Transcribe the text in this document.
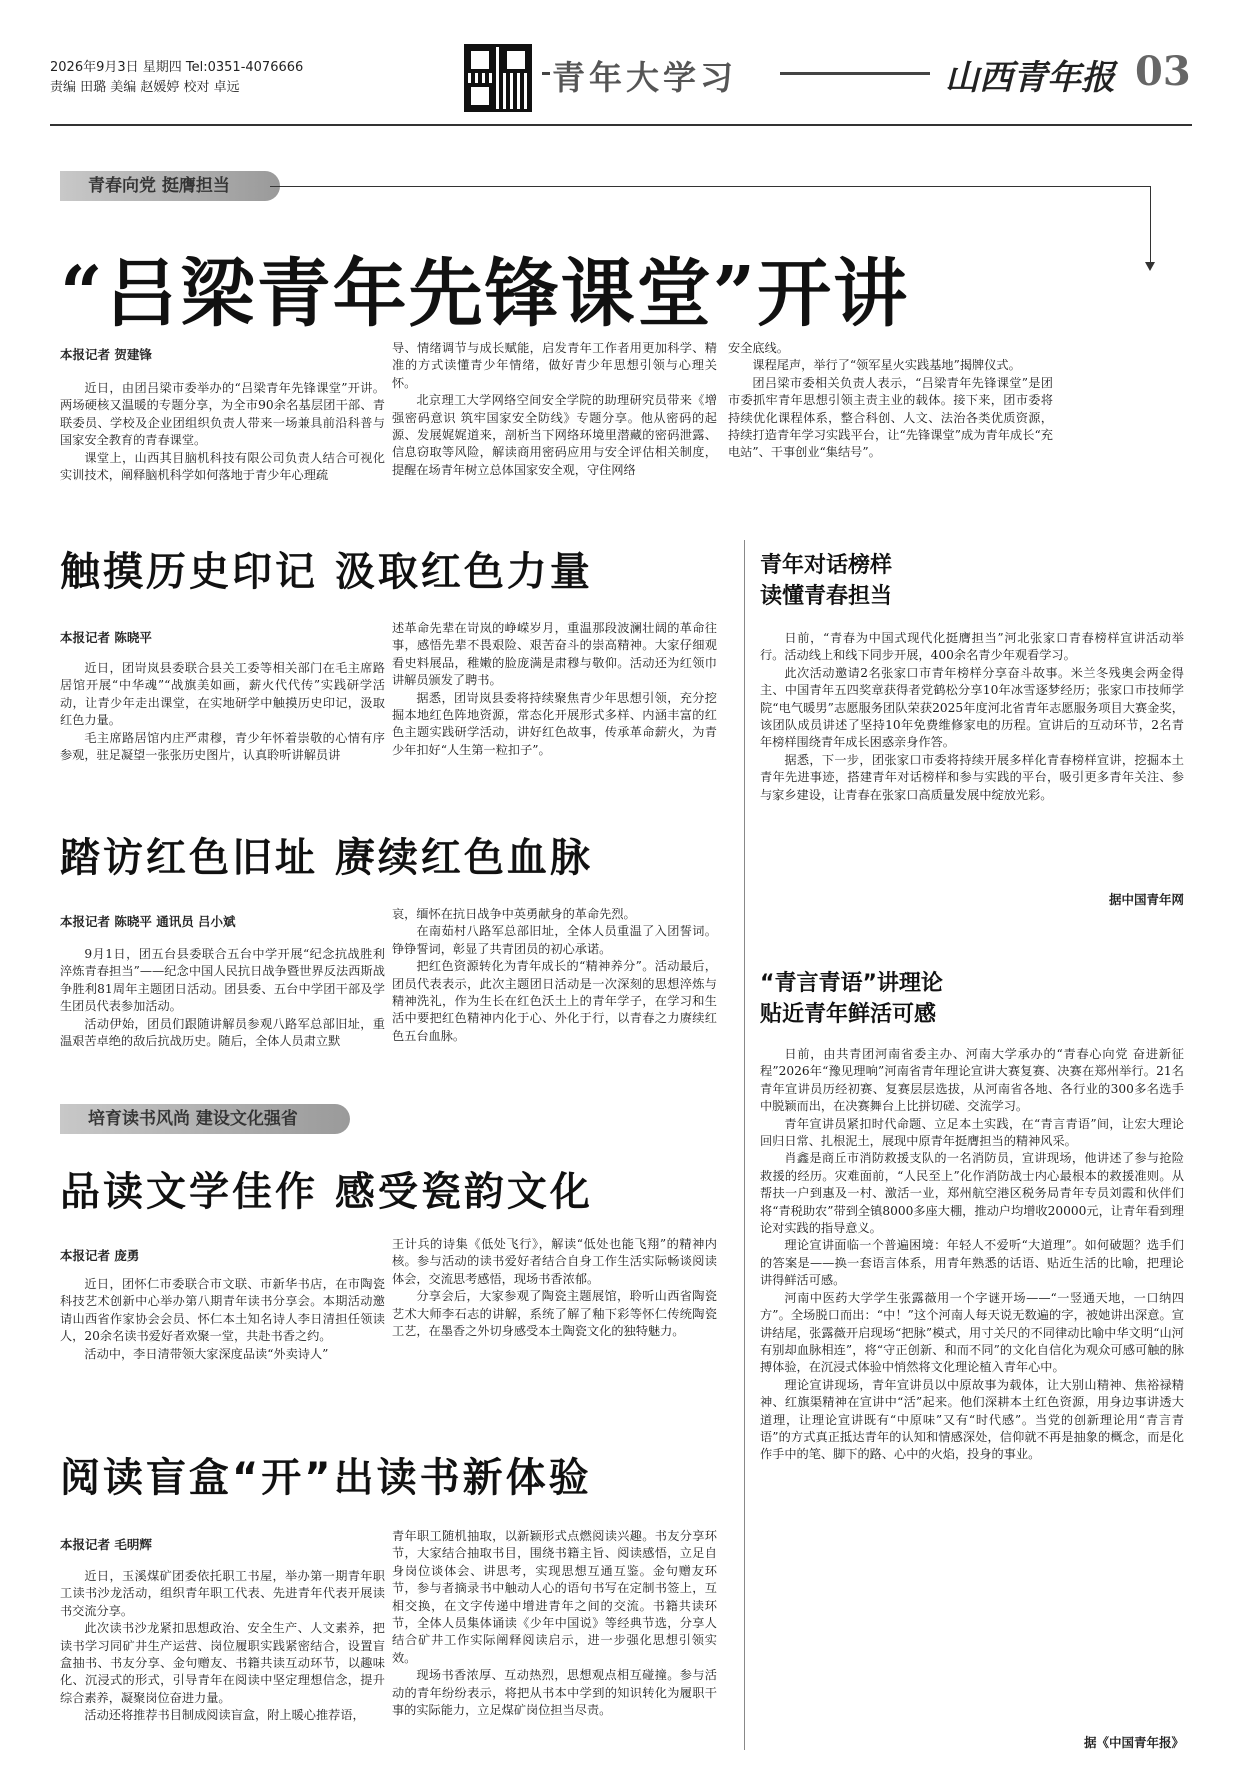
2026年9月3日 星期四 Tel:0351-4076666
责编 田璐 美编 赵媛婷 校对 卓远	青年大学习	山西青年报 03
青春向党 挺膺担当
“吕梁青年先锋课堂”开讲
本报记者 贺建锋

近日，由团吕梁市委举办的“吕梁青年先锋课堂”开讲。两场硬核又温暖的专题分享，为全市90余名基层团干部、青联委员、学校及企业团组织负责人带来一场兼具前沿科普与国家安全教育的青春课堂。

课堂上，山西其目脑机科技有限公司负责人结合可视化实训技术，阐释脑机科学如何落地于青少年心理疏

导、情绪调节与成长赋能，启发青年工作者用更加科学、精准的方式读懂青少年情绪，做好青少年思想引领与心理关怀。

北京理工大学网络空间安全学院的助理研究员带来《增强密码意识 筑牢国家安全防线》专题分享。他从密码的起源、发展娓娓道来，剖析当下网络环境里潜藏的密码泄露、信息窃取等风险，解读商用密码应用与安全评估相关制度，提醒在场青年树立总体国家安全观，守住网络

安全底线。

课程尾声，举行了“领军星火实践基地”揭牌仪式。

团吕梁市委相关负责人表示，“吕梁青年先锋课堂”是团市委抓牢青年思想引领主责主业的载体。接下来，团市委将持续优化课程体系，整合科创、人文、法治各类优质资源，持续打造青年学习实践平台，让“先锋课堂”成为青年成长“充电站”、干事创业“集结号”。

触摸历史印记 汲取红色力量
本报记者 陈晓平

近日，团岢岚县委联合县关工委等相关部门在毛主席路居馆开展“中华魂”“战旗美如画，薪火代代传”实践研学活动，让青少年走出课堂，在实地研学中触摸历史印记，汲取红色力量。

毛主席路居馆内庄严肃穆，青少年怀着崇敬的心情有序参观，驻足凝望一张张历史图片，认真聆听讲解员讲

述革命先辈在岢岚的峥嵘岁月，重温那段波澜壮阔的革命往事，感悟先辈不畏艰险、艰苦奋斗的崇高精神。大家仔细观看史料展品，稚嫩的脸庞满是肃穆与敬仰。活动还为红领巾讲解员颁发了聘书。

据悉，团岢岚县委将持续聚焦青少年思想引领，充分挖掘本地红色阵地资源，常态化开展形式多样、内涵丰富的红色主题实践研学活动，讲好红色故事，传承革命薪火，为青少年扣好“人生第一粒扣子”。

踏访红色旧址 赓续红色血脉
本报记者 陈晓平 通讯员 吕小斌

9月1日，团五台县委联合五台中学开展“纪念抗战胜利 淬炼青春担当”——纪念中国人民抗日战争暨世界反法西斯战争胜利81周年主题团日活动。团县委、五台中学团干部及学生团员代表参加活动。

活动伊始，团员们跟随讲解员参观八路军总部旧址，重温艰苦卓绝的敌后抗战历史。随后，全体人员肃立默

哀，缅怀在抗日战争中英勇献身的革命先烈。

在南茹村八路军总部旧址，全体人员重温了入团誓词。铮铮誓词，彰显了共青团员的初心承诺。

把红色资源转化为青年成长的“精神养分”。活动最后，团员代表表示，此次主题团日活动是一次深刻的思想淬炼与精神洗礼，作为生长在红色沃土上的青年学子，在学习和生活中要把红色精神内化于心、外化于行，以青春之力赓续红色五台血脉。

培育读书风尚 建设文化强省
品读文学佳作 感受瓷韵文化
本报记者 庞勇

近日，团怀仁市委联合市文联、市新华书店，在市陶瓷科技艺术创新中心举办第八期青年读书分享会。本期活动邀请山西省作家协会会员、怀仁本土知名诗人李日清担任领读人，20余名读书爱好者欢聚一堂，共赴书香之约。

活动中，李日清带领大家深度品读“外卖诗人”

王计兵的诗集《低处飞行》，解读“低处也能飞翔”的精神内核。参与活动的读书爱好者结合自身工作生活实际畅谈阅读体会，交流思考感悟，现场书香浓郁。

分享会后，大家参观了陶瓷主题展馆，聆听山西省陶瓷艺术大师李石志的讲解，系统了解了釉下彩等怀仁传统陶瓷工艺，在墨香之外切身感受本土陶瓷文化的独特魅力。

阅读盲盒“开”出读书新体验
本报记者 毛明辉

近日，玉溪煤矿团委依托职工书屋，举办第一期青年职工读书沙龙活动，组织青年职工代表、先进青年代表开展读书交流分享。

此次读书沙龙紧扣思想政治、安全生产、人文素养，把读书学习同矿井生产运营、岗位履职实践紧密结合，设置盲盒抽书、书友分享、金句赠友、书籍共读互动环节，以趣味化、沉浸式的形式，引导青年在阅读中坚定理想信念，提升综合素养，凝聚岗位奋进力量。

活动还将推荐书目制成阅读盲盒，附上暖心推荐语，

青年职工随机抽取，以新颖形式点燃阅读兴趣。书友分享环节，大家结合抽取书目，围绕书籍主旨、阅读感悟，立足自身岗位谈体会、讲思考，实现思想互通互鉴。金句赠友环节，参与者摘录书中触动人心的语句书写在定制书签上，互相交换，在文字传递中增进青年之间的交流。书籍共读环节，全体人员集体诵读《少年中国说》等经典节选，分享人结合矿井工作实际阐释阅读启示，进一步强化思想引领实效。

现场书香浓厚、互动热烈，思想观点相互碰撞。参与活动的青年纷纷表示，将把从书本中学到的知识转化为履职干事的实际能力，立足煤矿岗位担当尽责。

青年对话榜样
读懂青春担当

日前，“青春为中国式现代化挺膺担当”河北张家口青春榜样宣讲活动举行。活动线上和线下同步开展，400余名青少年观看学习。

此次活动邀请2名张家口市青年榜样分享奋斗故事。米兰冬残奥会两金得主、中国青年五四奖章获得者党鹤松分享10年冰雪逐梦经历；张家口市技师学院“电气暖男”志愿服务团队荣获2025年度河北省青年志愿服务项目大赛金奖，该团队成员讲述了坚持10年免费维修家电的历程。宣讲后的互动环节，2名青年榜样围绕青年成长困惑亲身作答。

据悉，下一步，团张家口市委将持续开展多样化青春榜样宣讲，挖掘本土青年先进事迹，搭建青年对话榜样和参与实践的平台，吸引更多青年关注、参与家乡建设，让青春在张家口高质量发展中绽放光彩。

据中国青年网
“青言青语”讲理论
贴近青年鲜活可感

日前，由共青团河南省委主办、河南大学承办的“青春心向党 奋进新征程”2026年“豫见理响”河南省青年理论宣讲大赛复赛、决赛在郑州举行。21名青年宣讲员历经初赛、复赛层层选拔，从河南省各地、各行业的300多名选手中脱颖而出，在决赛舞台上比拼切磋、交流学习。

青年宣讲员紧扣时代命题、立足本土实践，在“青言青语”间，让宏大理论回归日常、扎根泥土，展现中原青年挺膺担当的精神风采。

肖鑫是商丘市消防救援支队的一名消防员，宣讲现场，他讲述了参与抢险救援的经历。灾难面前，“人民至上”化作消防战士内心最根本的救援准则。从帮扶一户到惠及一村、激活一业，郑州航空港区税务局青年专员刘霞和伙伴们将“青税助农”带到全镇8000多座大棚，推动户均增收20000元，让青年看到理论对实践的指导意义。

理论宣讲面临一个普遍困境：年轻人不爱听“大道理”。如何破题？选手们的答案是——换一套语言体系，用青年熟悉的话语、贴近生活的比喻，把理论讲得鲜活可感。

河南中医药大学学生张露薇用一个字谜开场——“一竖通天地，一口纳四方”。全场脱口而出：“中！”这个河南人每天说无数遍的字，被她讲出深意。宣讲结尾，张露薇开启现场“把脉”模式，用寸关尺的不同律动比喻中华文明“山河有别却血脉相连”，将“守正创新、和而不同”的文化自信化为观众可感可触的脉搏体验，在沉浸式体验中悄然将文化理论植入青年心中。

理论宣讲现场，青年宣讲员以中原故事为载体，让大别山精神、焦裕禄精神、红旗渠精神在宣讲中“活”起来。他们深耕本土红色资源，用身边事讲透大道理，让理论宣讲既有“中原味”又有“时代感”。当党的创新理论用“青言青语”的方式真正抵达青年的认知和情感深处，信仰就不再是抽象的概念，而是化作手中的笔、脚下的路、心中的火焰，投身的事业。

据《中国青年报》
